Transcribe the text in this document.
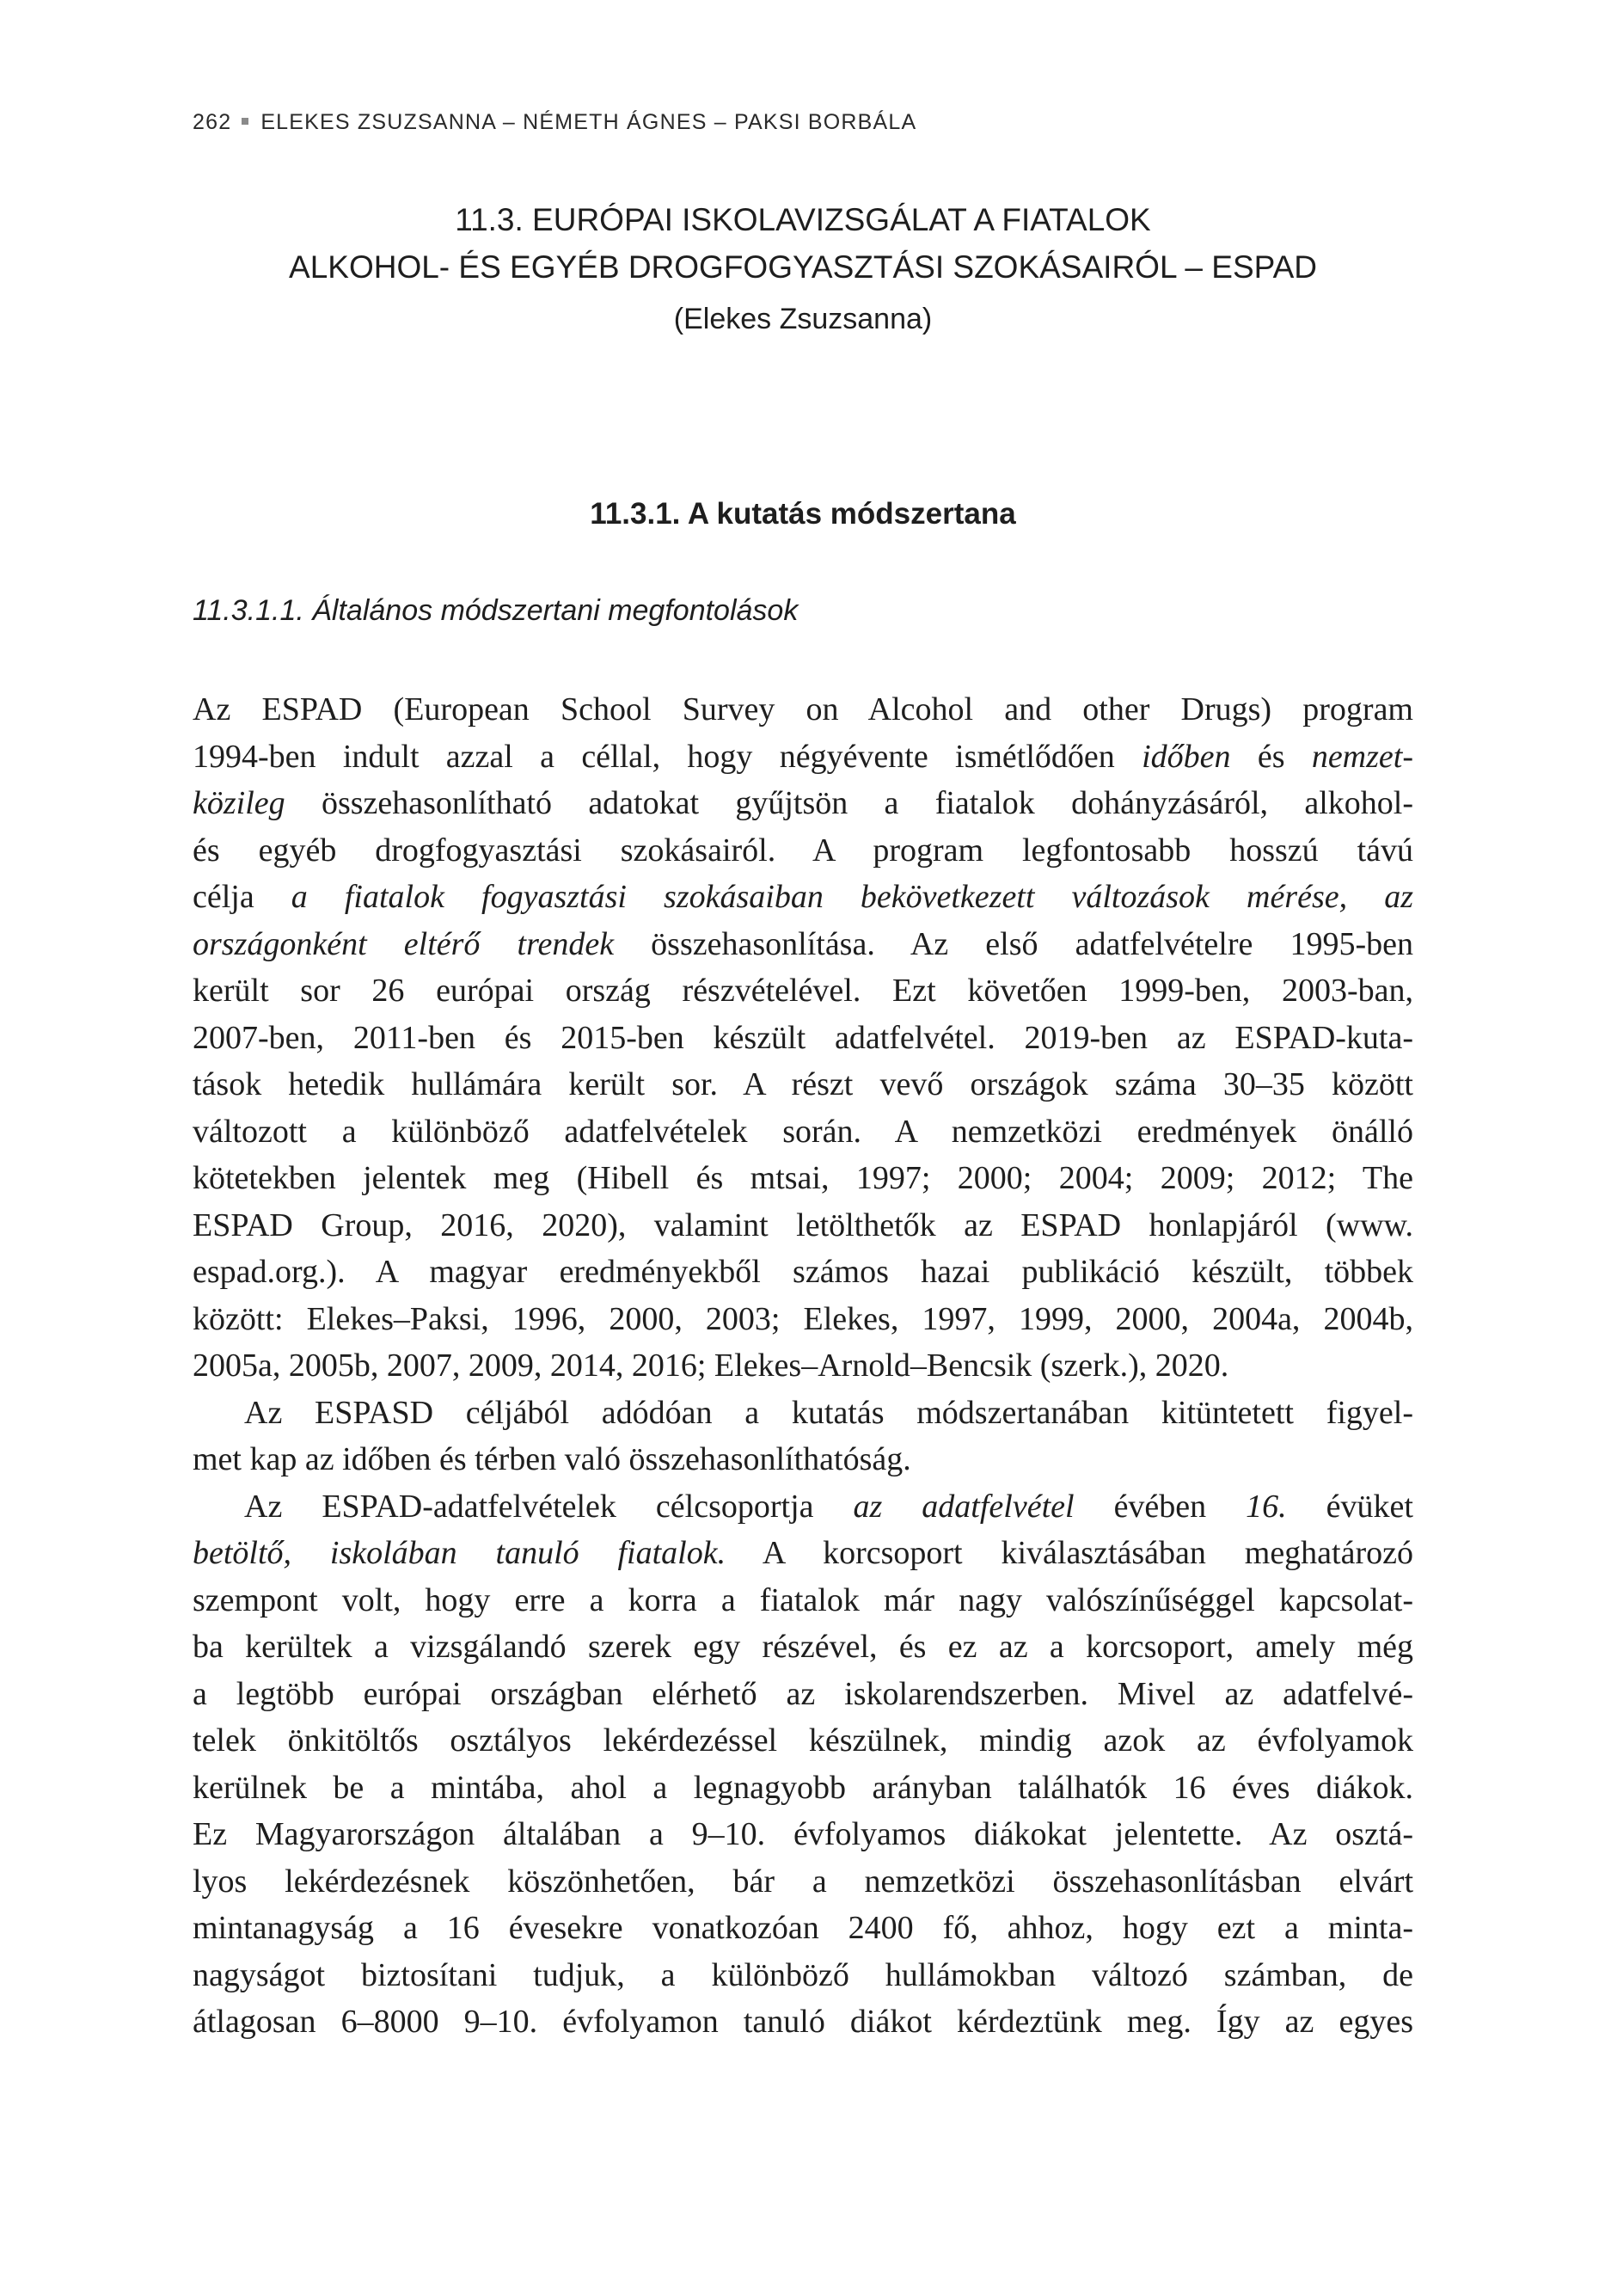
262 ELEKES ZSUZSANNA – NÉMETH ÁGNES – PAKSI BORBÁLA
11.3. EURÓPAI ISKOLAVIZSGÁLAT A FIATALOK
ALKOHOL- ÉS EGYÉB DROGFOGYASZTÁSI SZOKÁSAIRÓL – ESPAD
(Elekes Zsuzsanna)
11.3.1. A kutatás módszertana
11.3.1.1. Általános módszertani megfontolások
Az ESPAD (European School Survey on Alcohol and other Drugs) program
1994-ben indult azzal a céllal, hogy négyévente ismétlődően időben és nemzet-
közileg összehasonlítható adatokat gyűjtsön a fiatalok dohányzásáról, alkohol-
és egyéb drogfogyasztási szokásairól. A program legfontosabb hosszú távú
célja a fiatalok fogyasztási szokásaiban bekövetkezett változások mérése, az
országonként eltérő trendek összehasonlítása. Az első adatfelvételre 1995-ben
került sor 26 európai ország részvételével. Ezt követően 1999-ben, 2003-ban,
2007-ben, 2011-ben és 2015-ben készült adatfelvétel. 2019-ben az ESPAD-kuta-
tások hetedik hullámára került sor. A részt vevő országok száma 30–35 között
változott a különböző adatfelvételek során. A nemzetközi eredmények önálló
kötetekben jelentek meg (Hibell és mtsai, 1997; 2000; 2004; 2009; 2012; The
ESPAD Group, 2016, 2020), valamint letölthetők az ESPAD honlapjáról (www.
espad.org.). A magyar eredményekből számos hazai publikáció készült, többek
között: Elekes–Paksi, 1996, 2000, 2003; Elekes, 1997, 1999, 2000, 2004a, 2004b,
2005a, 2005b, 2007, 2009, 2014, 2016; Elekes–Arnold–Bencsik (szerk.), 2020.
Az ESPASD céljából adódóan a kutatás módszertanában kitüntetett figyel-
met kap az időben és térben való összehasonlíthatóság.
Az ESPAD-adatfelvételek célcsoportja az adatfelvétel évében 16. évüket
betöltő, iskolában tanuló fiatalok. A korcsoport kiválasztásában meghatározó
szempont volt, hogy erre a korra a fiatalok már nagy valószínűséggel kapcsolat-
ba kerültek a vizsgálandó szerek egy részével, és ez az a korcsoport, amely még
a legtöbb európai országban elérhető az iskolarendszerben. Mivel az adatfelvé-
telek önkitöltős osztályos lekérdezéssel készülnek, mindig azok az évfolyamok
kerülnek be a mintába, ahol a legnagyobb arányban találhatók 16 éves diákok.
Ez Magyarországon általában a 9–10. évfolyamos diákokat jelentette. Az osztá-
lyos lekérdezésnek köszönhetően, bár a nemzetközi összehasonlításban elvárt
mintanagyság a 16 évesekre vonatkozóan 2400 fő, ahhoz, hogy ezt a minta-
nagyságot biztosítani tudjuk, a különböző hullámokban változó számban, de
átlagosan 6–8000 9–10. évfolyamon tanuló diákot kérdeztünk meg. Így az egyes
